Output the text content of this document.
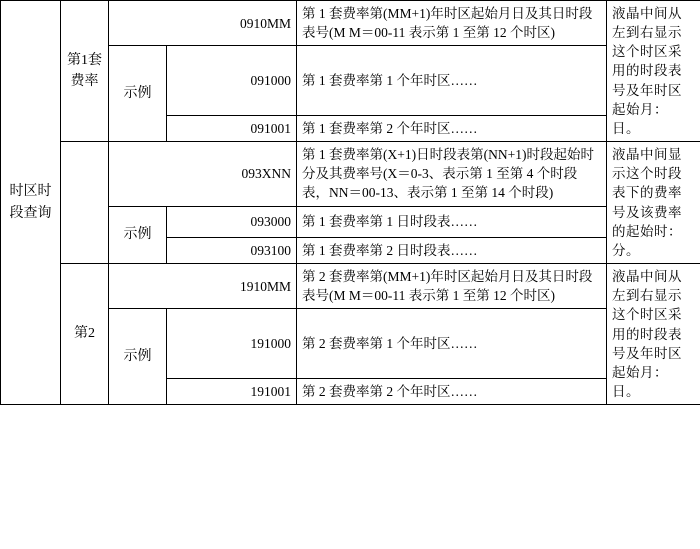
时区时段查询	第1套费率	0910MM		第 1 套费率第(MM+1)年时区起始月日及其日时段表号(M M＝00-11 表示第 1 至第 12 个时区)	液晶中间从左到右显示这个时区采用的时段表号及年时区起始月：日。

		示例	091000	第 1 套费率第 1 个年时区……	
			091001	第 1 套费率第 2 个年时区……	

		093XNN		第 1 套费率第(X+1)日时段表第(NN+1)时段起始时分及其费率号(X＝0-3、表示第 1 至第 4 个时段表，NN＝00-13、表示第 1 至第 14 个时段)	液晶中间显示这个时段表下的费率号及该费率的起始时：分。

		示例	093000	第 1 套费率第 1 日时段表……	
			093100	第 1 套费率第 2 日时段表……	

	第2	1910MM		第 2 套费率第(MM+1)年时区起始月日及其日时段表号(M M＝00-11 表示第 1 至第 12 个时区)	液晶中间从左到右显示这个时区采用的时段表号及年时区起始月：日。

		示例	191000	第 2 套费率第 1 个年时区……	
			191001	第 2 套费率第 2 个年时区……	
